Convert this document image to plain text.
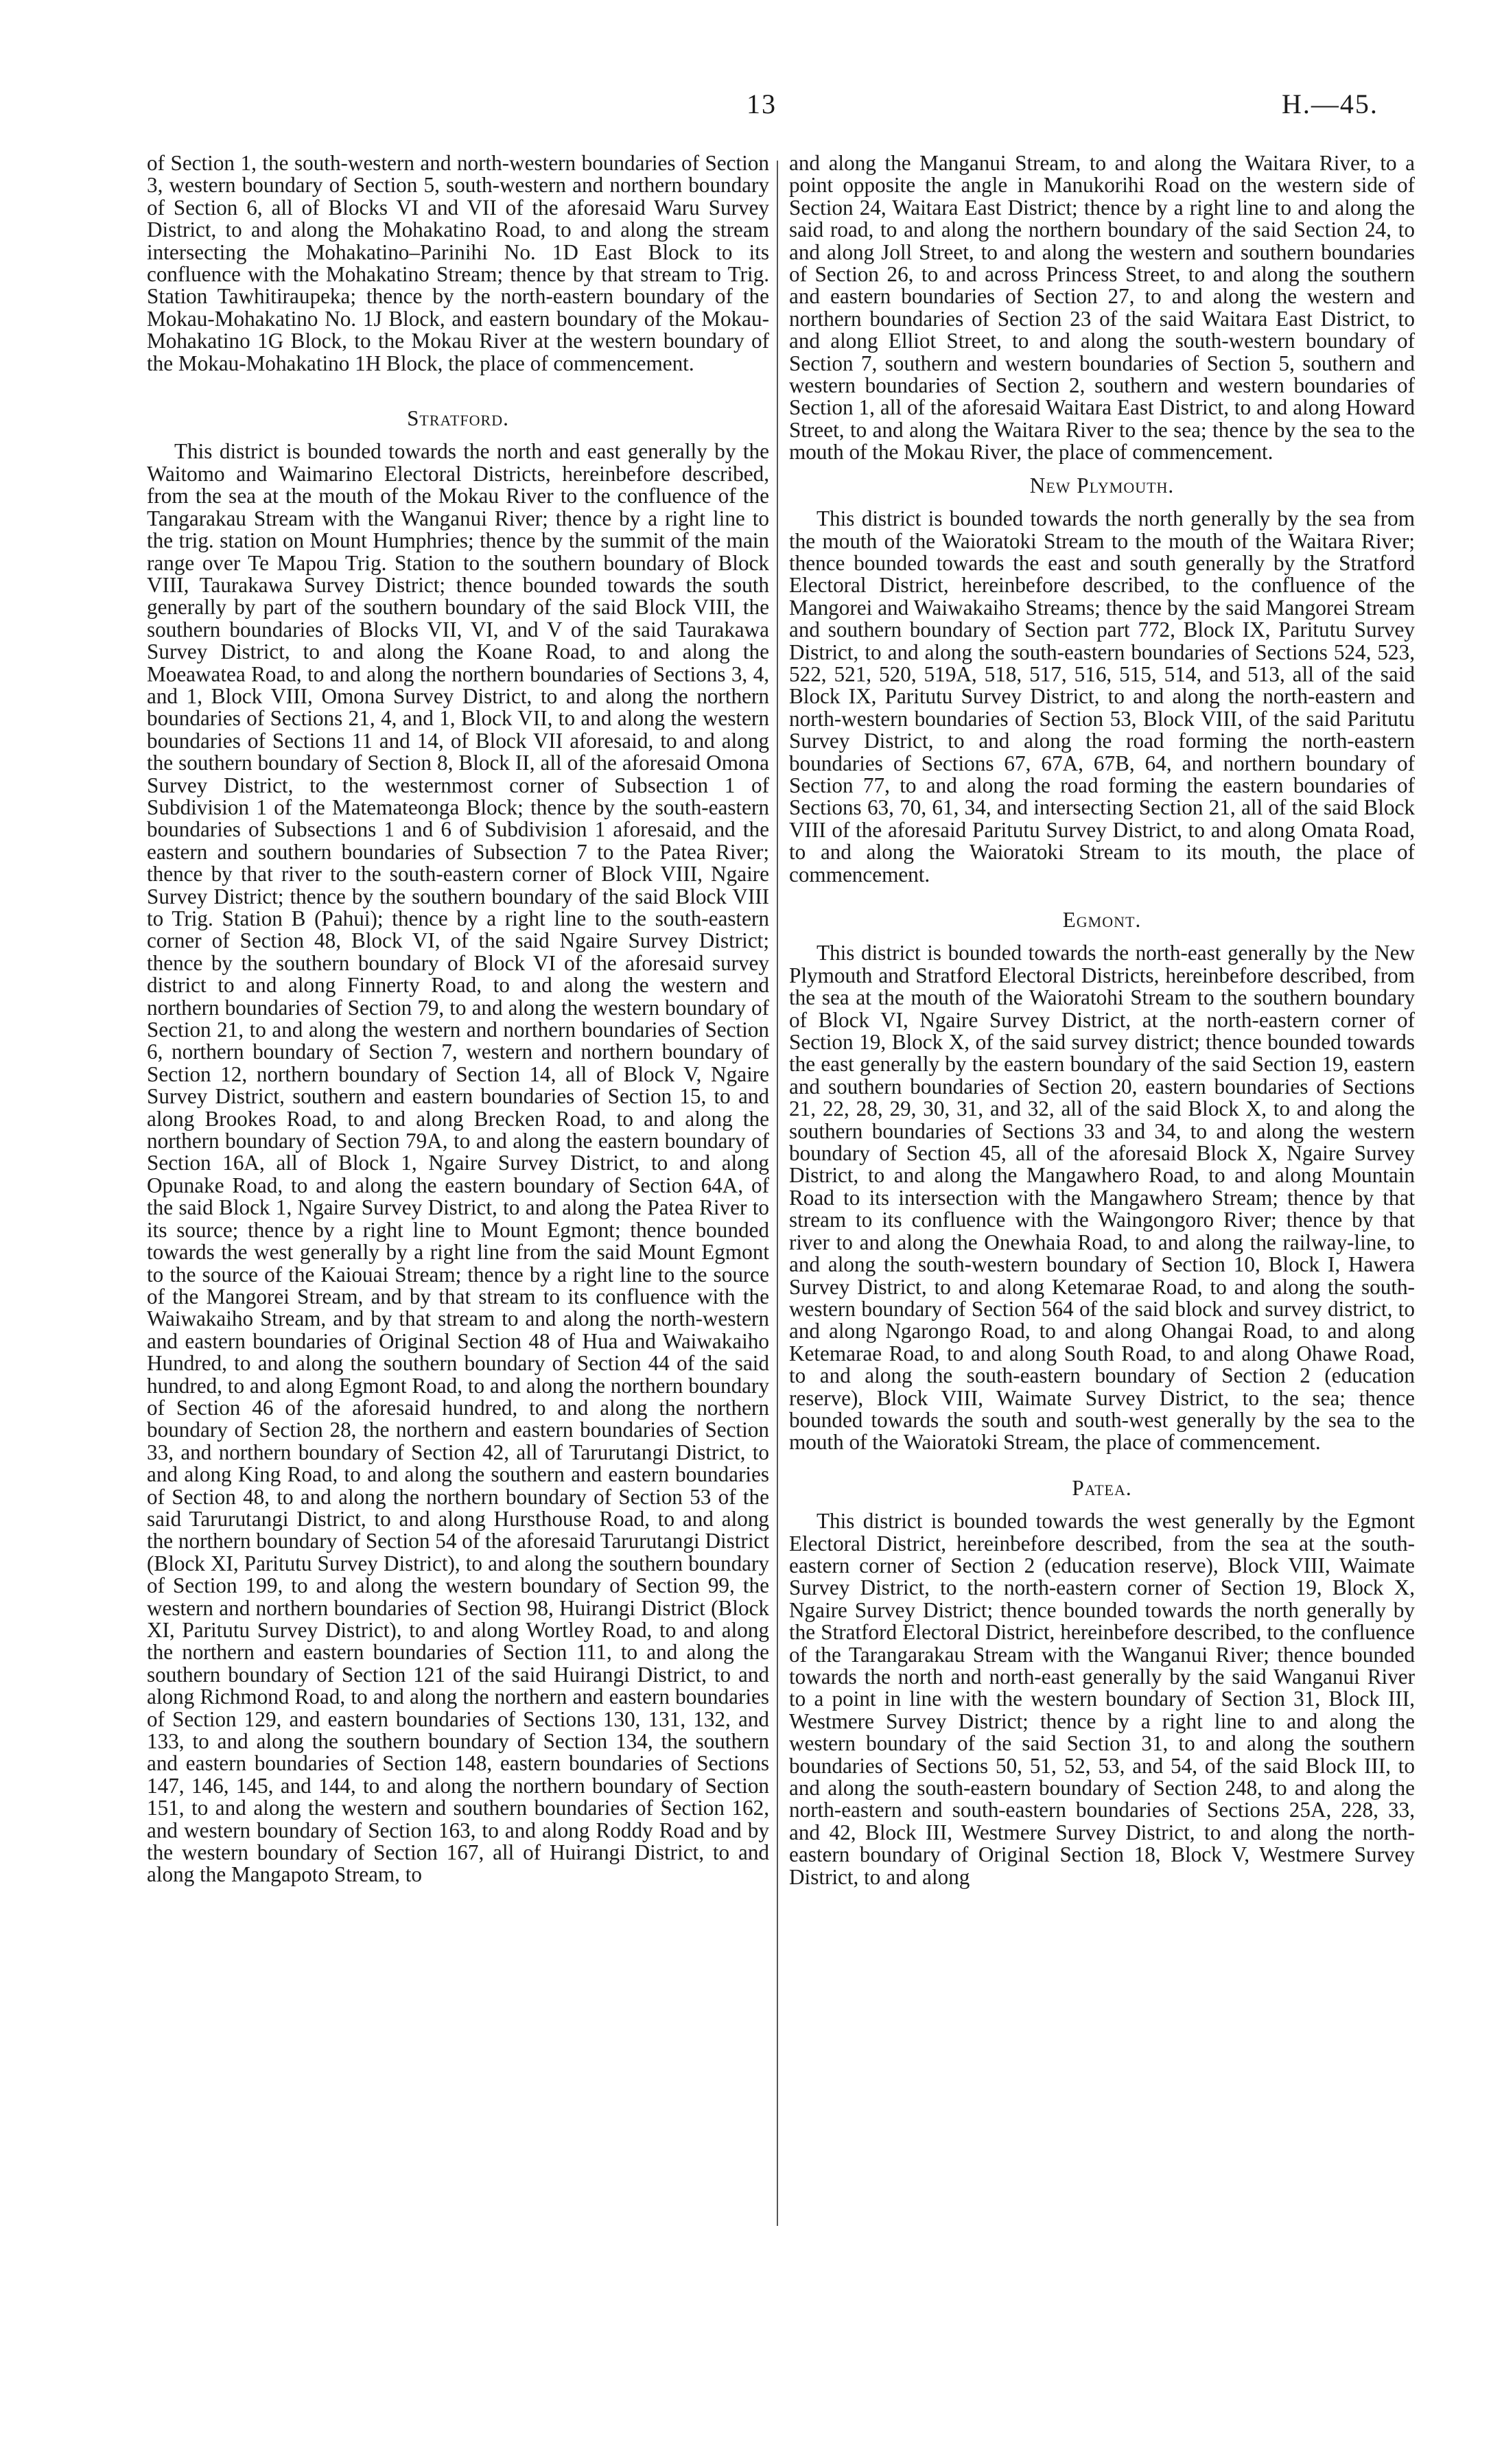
13	H.—45.

of Section 1, the south-western and north-western boundaries of Section 3, western boundary of Section 5, south-western and northern boundary of Section 6, all of Blocks VI and VII of the aforesaid Waru Survey District, to and along the Mohakatino Road, to and along the stream intersecting the Mohakatino–Parinihi No. 1D East Block to its confluence with the Mohakatino Stream; thence by that stream to Trig. Station Tawhitiraupeka; thence by the north-eastern boundary of the Mokau-Mohakatino No. 1J Block, and eastern boundary of the Mokau-Mohakatino 1G Block, to the Mokau River at the western boundary of the Mokau-Mohakatino 1H Block, the place of commencement.

Stratford.

This district is bounded towards the north and east generally by the Waitomo and Waimarino Electoral Districts, hereinbefore described, from the sea at the mouth of the Mokau River to the confluence of the Tangarakau Stream with the Wanganui River; thence by a right line to the trig. station on Mount Humphries; thence by the summit of the main range over Te Mapou Trig. Station to the southern boundary of Block VIII, Taurakawa Survey District; thence bounded towards the south generally by part of the southern boundary of the said Block VIII, the southern boundaries of Blocks VII, VI, and V of the said Taurakawa Survey District, to and along the Koane Road, to and along the Moeawatea Road, to and along the northern boundaries of Sections 3, 4, and 1, Block VIII, Omona Survey District, to and along the northern boundaries of Sections 21, 4, and 1, Block VII, to and along the western boundaries of Sections 11 and 14, of Block VII aforesaid, to and along the southern boundary of Section 8, Block II, all of the aforesaid Omona Survey District, to the westernmost corner of Subsection 1 of Subdivision 1 of the Matemateonga Block; thence by the south-eastern boundaries of Subsections 1 and 6 of Subdivision 1 aforesaid, and the eastern and southern boundaries of Subsection 7 to the Patea River; thence by that river to the south-eastern corner of Block VIII, Ngaire Survey District; thence by the southern boundary of the said Block VIII to Trig. Station B (Pahui); thence by a right line to the south-eastern corner of Section 48, Block VI, of the said Ngaire Survey District; thence by the southern boundary of Block VI of the aforesaid survey district to and along Finnerty Road, to and along the western and northern boundaries of Section 79, to and along the western boundary of Section 21, to and along the western and northern boundaries of Section 6, northern boundary of Section 7, western and northern boundary of Section 12, northern boundary of Section 14, all of Block V, Ngaire Survey District, southern and eastern boundaries of Section 15, to and along Brookes Road, to and along Brecken Road, to and along the northern boundary of Section 79A, to and along the eastern boundary of Section 16A, all of Block 1, Ngaire Survey District, to and along Opunake Road, to and along the eastern boundary of Section 64A, of the said Block 1, Ngaire Survey District, to and along the Patea River to its source; thence by a right line to Mount Egmont; thence bounded towards the west generally by a right line from the said Mount Egmont to the source of the Kaiouai Stream; thence by a right line to the source of the Mangorei Stream, and by that stream to its confluence with the Waiwakaiho Stream, and by that stream to and along the north-western and eastern boundaries of Original Section 48 of Hua and Waiwakaiho Hundred, to and along the southern boundary of Section 44 of the said hundred, to and along Egmont Road, to and along the northern boundary of Section 46 of the aforesaid hundred, to and along the northern boundary of Section 28, the northern and eastern boundaries of Section 33, and northern boundary of Section 42, all of Tarurutangi District, to and along King Road, to and along the southern and eastern boundaries of Section 48, to and along the northern boundary of Section 53 of the said Tarurutangi District, to and along Hursthouse Road, to and along the northern boundary of Section 54 of the aforesaid Tarurutangi District (Block XI, Paritutu Survey District), to and along the southern boundary of Section 199, to and along the western boundary of Section 99, the western and northern boundaries of Section 98, Huirangi District (Block XI, Paritutu Survey District), to and along Wortley Road, to and along the northern and eastern boundaries of Section 111, to and along the southern boundary of Section 121 of the said Huirangi District, to and along Richmond Road, to and along the northern and eastern boundaries of Section 129, and eastern boundaries of Sections 130, 131, 132, and 133, to and along the southern boundary of Section 134, the southern and eastern boundaries of Section 148, eastern boundaries of Sections 147, 146, 145, and 144, to and along the northern boundary of Section 151, to and along the western and southern boundaries of Section 162, and western boundary of Section 163, to and along Roddy Road and by the western boundary of Section 167, all of Huirangi District, to and along the Mangapoto Stream, to

and along the Manganui Stream, to and along the Waitara River, to a point opposite the angle in Manukorihi Road on the western side of Section 24, Waitara East District; thence by a right line to and along the said road, to and along the northern boundary of the said Section 24, to and along Joll Street, to and along the western and southern boundaries of Section 26, to and across Princess Street, to and along the southern and eastern boundaries of Section 27, to and along the western and northern boundaries of Section 23 of the said Waitara East District, to and along Elliot Street, to and along the south-western boundary of Section 7, southern and western boundaries of Section 5, southern and western boundaries of Section 2, southern and western boundaries of Section 1, all of the aforesaid Waitara East District, to and along Howard Street, to and along the Waitara River to the sea; thence by the sea to the mouth of the Mokau River, the place of commencement.

New Plymouth.

This district is bounded towards the north generally by the sea from the mouth of the Waioratoki Stream to the mouth of the Waitara River; thence bounded towards the east and south generally by the Stratford Electoral District, hereinbefore described, to the confluence of the Mangorei and Waiwakaiho Streams; thence by the said Mangorei Stream and southern boundary of Section part 772, Block IX, Paritutu Survey District, to and along the south-eastern boundaries of Sections 524, 523, 522, 521, 520, 519A, 518, 517, 516, 515, 514, and 513, all of the said Block IX, Paritutu Survey District, to and along the north-eastern and north-western boundaries of Section 53, Block VIII, of the said Paritutu Survey District, to and along the road forming the north-eastern boundaries of Sections 67, 67A, 67B, 64, and northern boundary of Section 77, to and along the road forming the eastern boundaries of Sections 63, 70, 61, 34, and intersecting Section 21, all of the said Block VIII of the aforesaid Paritutu Survey District, to and along Omata Road, to and along the Waioratoki Stream to its mouth, the place of commencement.

Egmont.

This district is bounded towards the north-east generally by the New Plymouth and Stratford Electoral Districts, hereinbefore described, from the sea at the mouth of the Waioratohi Stream to the southern boundary of Block VI, Ngaire Survey District, at the north-eastern corner of Section 19, Block X, of the said survey district; thence bounded towards the east generally by the eastern boundary of the said Section 19, eastern and southern boundaries of Section 20, eastern boundaries of Sections 21, 22, 28, 29, 30, 31, and 32, all of the said Block X, to and along the southern boundaries of Sections 33 and 34, to and along the western boundary of Section 45, all of the aforesaid Block X, Ngaire Survey District, to and along the Mangawhero Road, to and along Mountain Road to its intersection with the Mangawhero Stream; thence by that stream to its confluence with the Waingongoro River; thence by that river to and along the Onewhaia Road, to and along the railway-line, to and along the south-western boundary of Section 10, Block I, Hawera Survey District, to and along Ketemarae Road, to and along the south-western boundary of Section 564 of the said block and survey district, to and along Ngarongo Road, to and along Ohangai Road, to and along Ketemarae Road, to and along South Road, to and along Ohawe Road, to and along the south-eastern boundary of Section 2 (education reserve), Block VIII, Waimate Survey District, to the sea; thence bounded towards the south and south-west generally by the sea to the mouth of the Waioratoki Stream, the place of commencement.

Patea.

This district is bounded towards the west generally by the Egmont Electoral District, hereinbefore described, from the sea at the south-eastern corner of Section 2 (education reserve), Block VIII, Waimate Survey District, to the north-eastern corner of Section 19, Block X, Ngaire Survey District; thence bounded towards the north generally by the Stratford Electoral District, hereinbefore described, to the confluence of the Tarangarakau Stream with the Wanganui River; thence bounded towards the north and north-east generally by the said Wanganui River to a point in line with the western boundary of Section 31, Block III, Westmere Survey District; thence by a right line to and along the western boundary of the said Section 31, to and along the southern boundaries of Sections 50, 51, 52, 53, and 54, of the said Block III, to and along the south-eastern boundary of Section 248, to and along the north-eastern and south-eastern boundaries of Sections 25A, 228, 33, and 42, Block III, Westmere Survey District, to and along the north-eastern boundary of Original Section 18, Block V, Westmere Survey District, to and along
